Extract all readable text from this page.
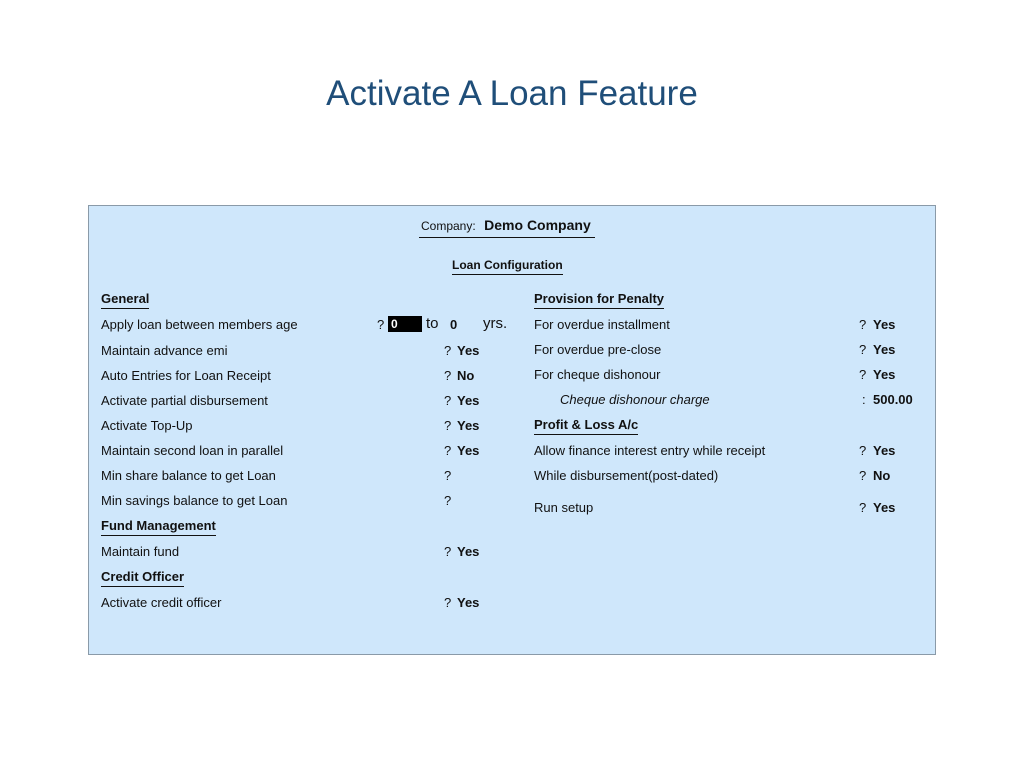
Activate A Loan Feature
Company: Demo Company
Loan Configuration
General
Apply loan between members age	? 0	to 0 yrs.
Maintain advance emi	? Yes
Auto Entries for Loan Receipt	? No
Activate partial disbursement	? Yes
Activate Top-Up	? Yes
Maintain second loan in parallel	? Yes
Min share balance to get Loan	?
Min savings balance to get Loan	?
Fund Management
Maintain fund	? Yes
Credit Officer
Activate credit officer	? Yes
Provision for Penalty
For overdue installment	? Yes
For overdue pre-close	? Yes
For cheque dishonour	? Yes
Cheque dishonour charge	: 500.00
Profit & Loss A/c
Allow finance interest entry while receipt	? Yes
While disbursement(post-dated)	? No
Run setup	? Yes
